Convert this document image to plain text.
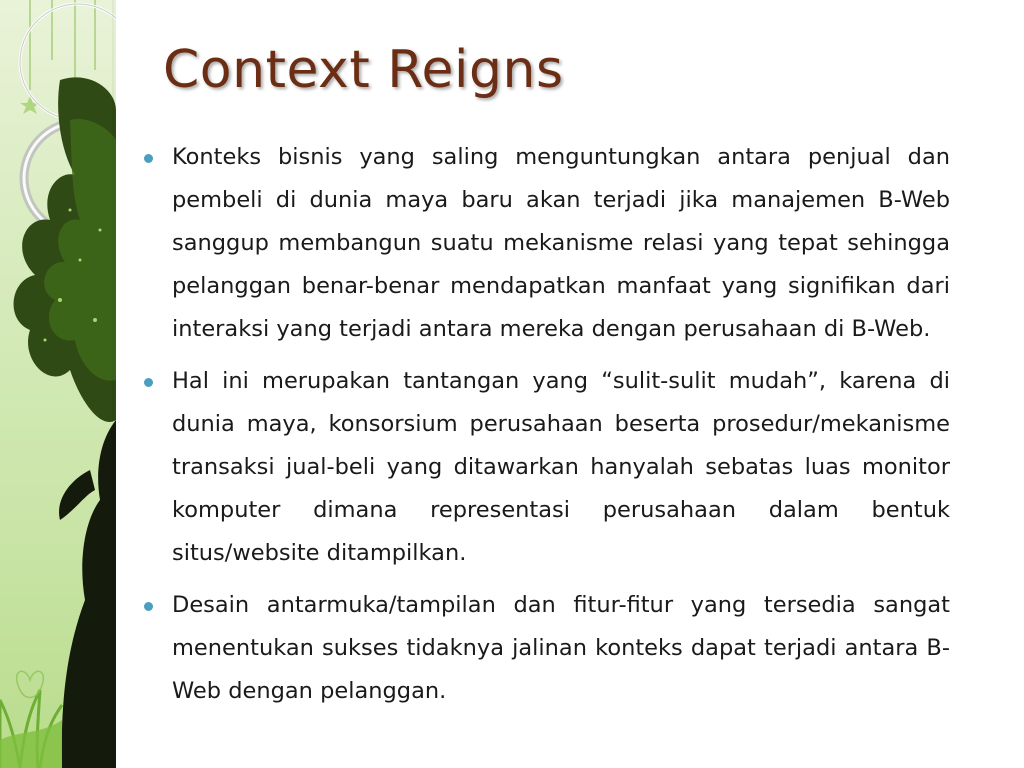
Context Reigns

Konteks bisnis yang saling menguntungkan antara penjual dan pembeli di dunia maya baru akan terjadi jika manajemen B-Web sanggup membangun suatu mekanisme relasi yang tepat sehingga pelanggan benar-benar mendapatkan manfaat yang signifikan dari interaksi yang terjadi antara mereka dengan perusahaan di B-Web.

Hal ini merupakan tantangan yang “sulit-sulit mudah”, karena di dunia maya, konsorsium perusahaan beserta prosedur/mekanisme transaksi jual-beli yang ditawarkan hanyalah sebatas luas monitor komputer dimana representasi perusahaan dalam bentuk situs/website ditampilkan.

Desain antarmuka/tampilan dan fitur-fitur yang tersedia sangat menentukan sukses tidaknya jalinan konteks dapat terjadi antara B-Web dengan pelanggan.
